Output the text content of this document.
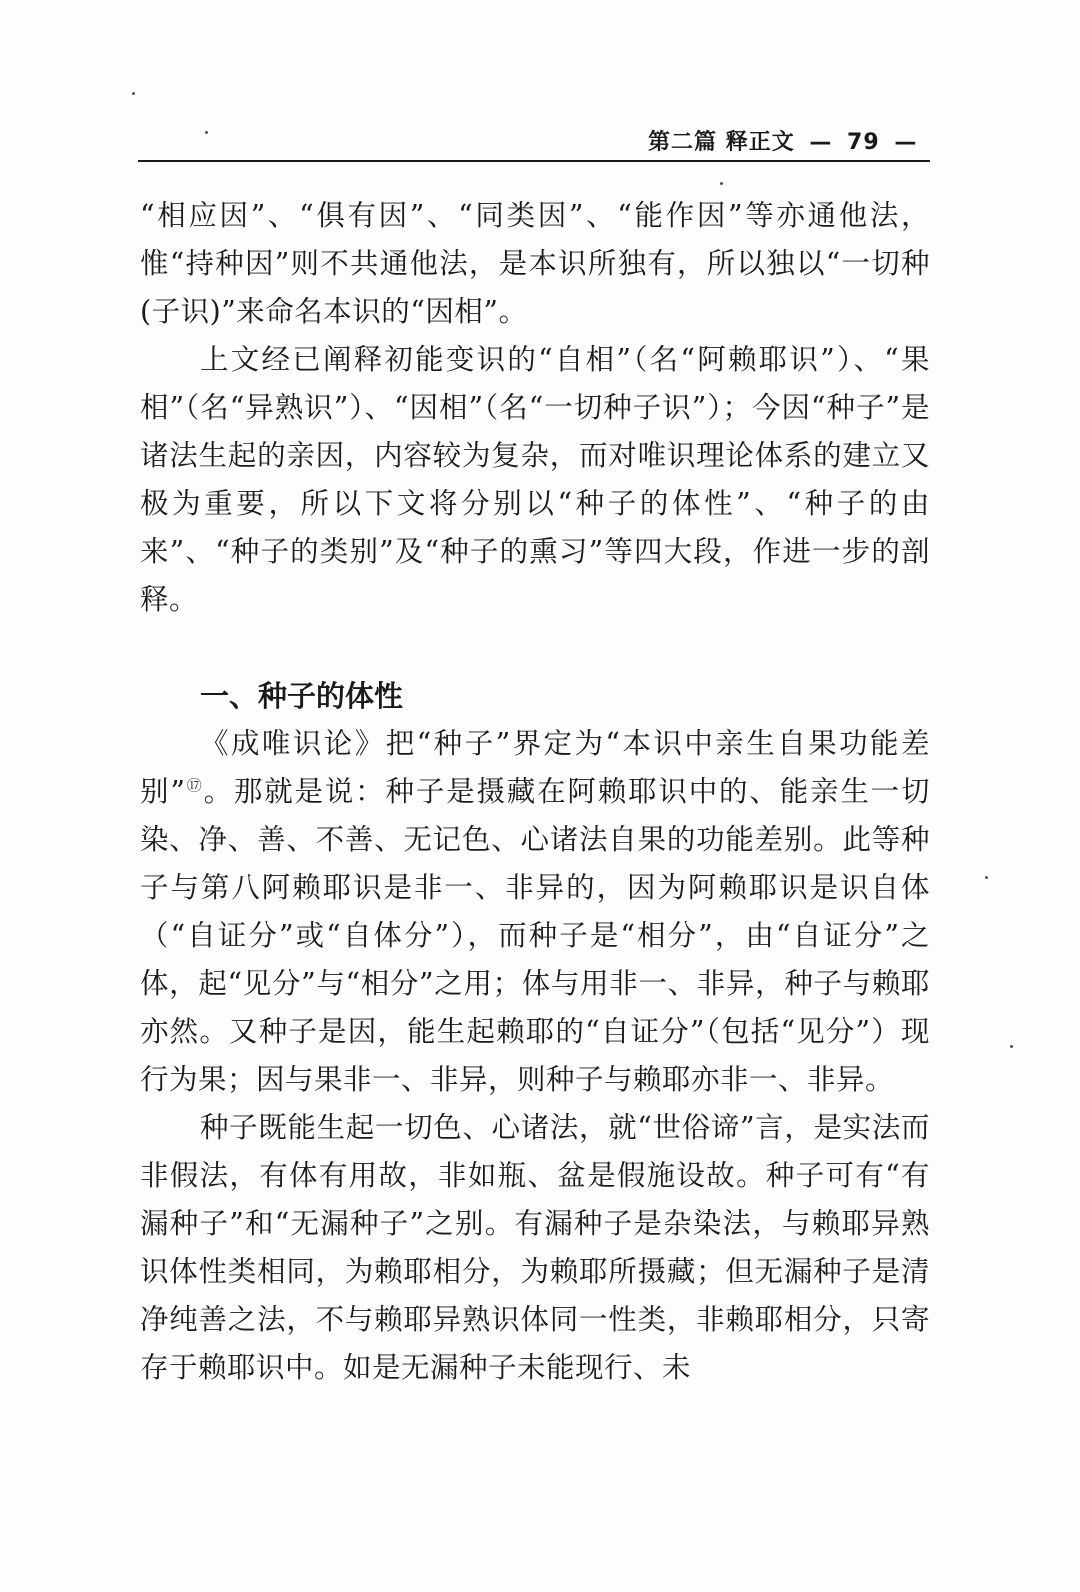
第二篇 释正文 — 79 —

“相应因”、“俱有因”、“同类因”、“能作因”等亦通他法，惟“持种因”则不共通他法，是本识所独有，所以独以“一切种(子识)”来命名本识的“因相”。

上文经已阐释初能变识的“自相”（名“阿赖耶识”）、“果相”（名“异熟识”）、“因相”（名“一切种子识”）；今因“种子”是诸法生起的亲因，内容较为复杂，而对唯识理论体系的建立又极为重要，所以下文将分别以“种子的体性”、“种子的由来”、“种子的类别”及“种子的熏习”等四大段，作进一步的剖释。

一、种子的体性

《成唯识论》把“种子”界定为“本识中亲生自果功能差别”⑰。那就是说：种子是摄藏在阿赖耶识中的、能亲生一切染、净、善、不善、无记色、心诸法自果的功能差别。此等种子与第八阿赖耶识是非一、非异的，因为阿赖耶识是识自体（“自证分”或“自体分”），而种子是“相分”，由“自证分”之体，起“见分”与“相分”之用；体与用非一、非异，种子与赖耶亦然。又种子是因，能生起赖耶的“自证分”（包括“见分”）现行为果；因与果非一、非异，则种子与赖耶亦非一、非异。

种子既能生起一切色、心诸法，就“世俗谛”言，是实法而非假法，有体有用故，非如瓶、盆是假施设故。种子可有“有漏种子”和“无漏种子”之别。有漏种子是杂染法，与赖耶异熟识体性类相同，为赖耶相分，为赖耶所摄藏；但无漏种子是清净纯善之法，不与赖耶异熟识体同一性类，非赖耶相分，只寄存于赖耶识中。如是无漏种子未能现行、未
